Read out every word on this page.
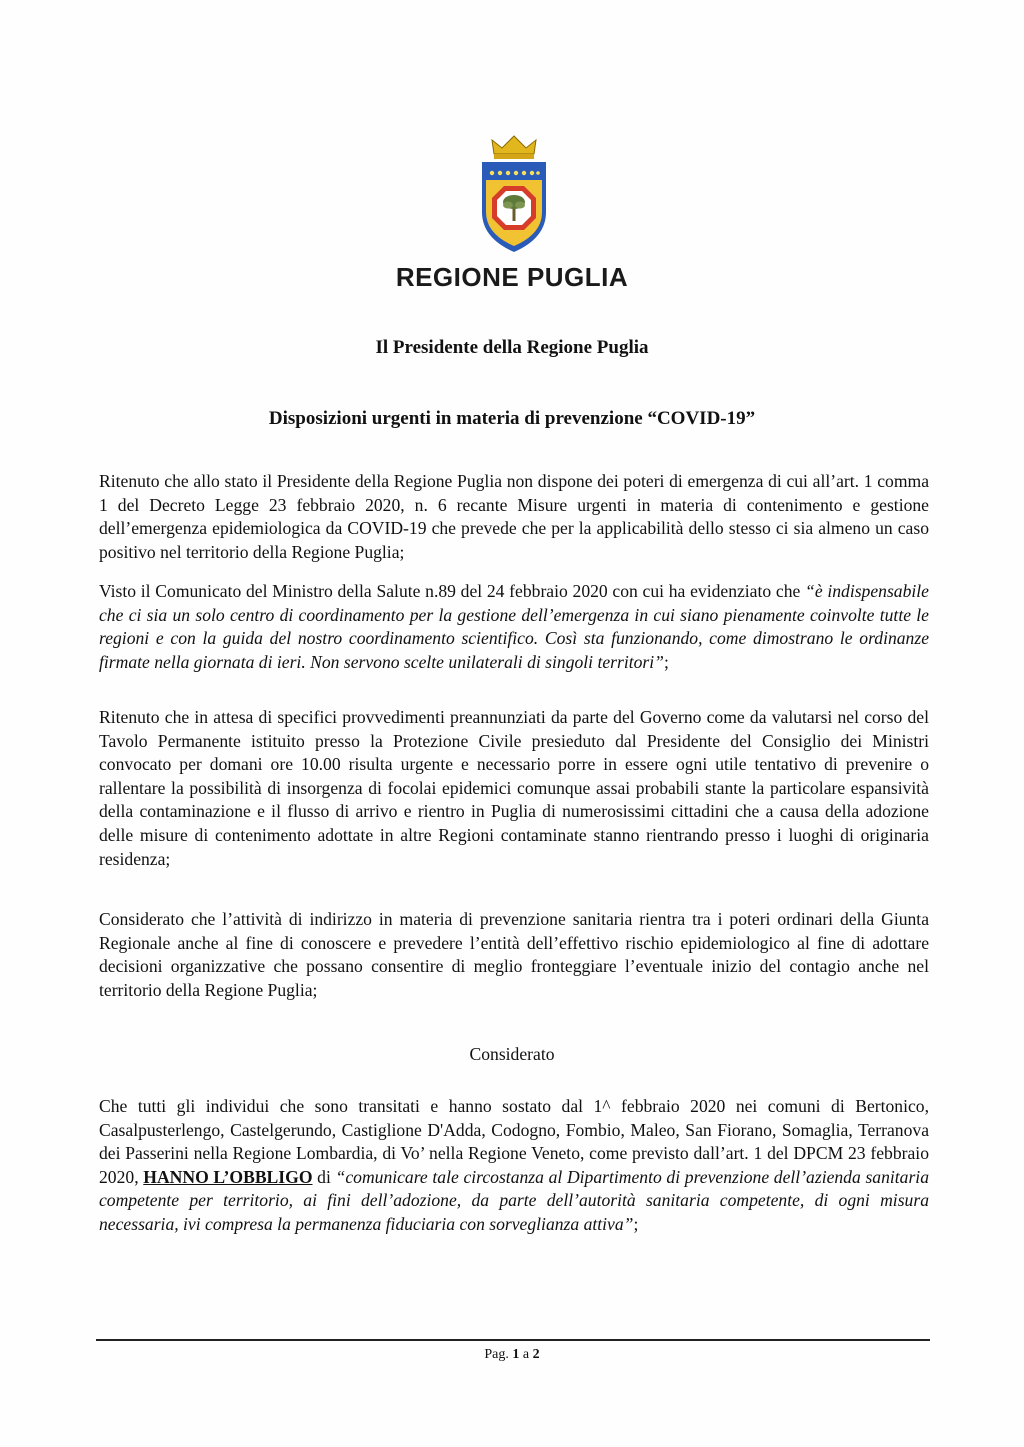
REGIONE PUGLIA
Il Presidente della Regione Puglia
Disposizioni urgenti in materia di prevenzione “COVID-19”

Ritenuto che allo stato il Presidente della Regione Puglia non dispone dei poteri di emergenza di cui all’art. 1 comma 1 del Decreto Legge 23 febbraio 2020, n. 6 recante Misure urgenti in materia di contenimento e gestione dell’emergenza epidemiologica da COVID-19 che prevede che per la applicabilità dello stesso ci sia almeno un caso positivo nel territorio della Regione Puglia;

Visto il Comunicato del Ministro della Salute n.89 del 24 febbraio 2020 con cui ha evidenziato che “è indispensabile che ci sia un solo centro di coordinamento per la gestione dell’emergenza in cui siano pienamente coinvolte tutte le regioni e con la guida del nostro coordinamento scientifico. Così sta funzionando, come dimostrano le ordinanze firmate nella giornata di ieri. Non servono scelte unilaterali di singoli territori”;

Ritenuto che in attesa di specifici provvedimenti preannunziati da parte del Governo come da valutarsi nel corso del Tavolo Permanente istituito presso la Protezione Civile presieduto dal Presidente del Consiglio dei Ministri convocato per domani ore 10.00 risulta urgente e necessario porre in essere ogni utile tentativo di prevenire o rallentare la possibilità di insorgenza di focolai epidemici comunque assai probabili stante la particolare espansività della contaminazione e il flusso di arrivo e rientro in Puglia di numerosissimi cittadini che a causa della adozione delle misure di contenimento adottate in altre Regioni contaminate stanno rientrando presso i luoghi di originaria residenza;

Considerato che l’attività di indirizzo in materia di prevenzione sanitaria rientra tra i poteri ordinari della Giunta Regionale anche al fine di conoscere e prevedere l’entità dell’effettivo rischio epidemiologico al fine di adottare decisioni organizzative che possano consentire di meglio fronteggiare l’eventuale inizio del contagio anche nel territorio della Regione Puglia;

Considerato

Che tutti gli individui che sono transitati e hanno sostato dal 1^ febbraio 2020 nei comuni di Bertonico, Casalpusterlengo, Castelgerundo, Castiglione D'Adda, Codogno, Fombio, Maleo, San Fiorano, Somaglia, Terranova dei Passerini nella Regione Lombardia, di Vo’ nella Regione Veneto, come previsto dall’art. 1 del DPCM 23 febbraio 2020, HANNO L’OBBLIGO di “comunicare tale circostanza al Dipartimento di prevenzione dell’azienda sanitaria competente per territorio, ai fini dell’adozione, da parte dell’autorità sanitaria competente, di ogni misura necessaria, ivi compresa la permanenza fiduciaria con sorveglianza attiva”;

Pag. 1 a 2
